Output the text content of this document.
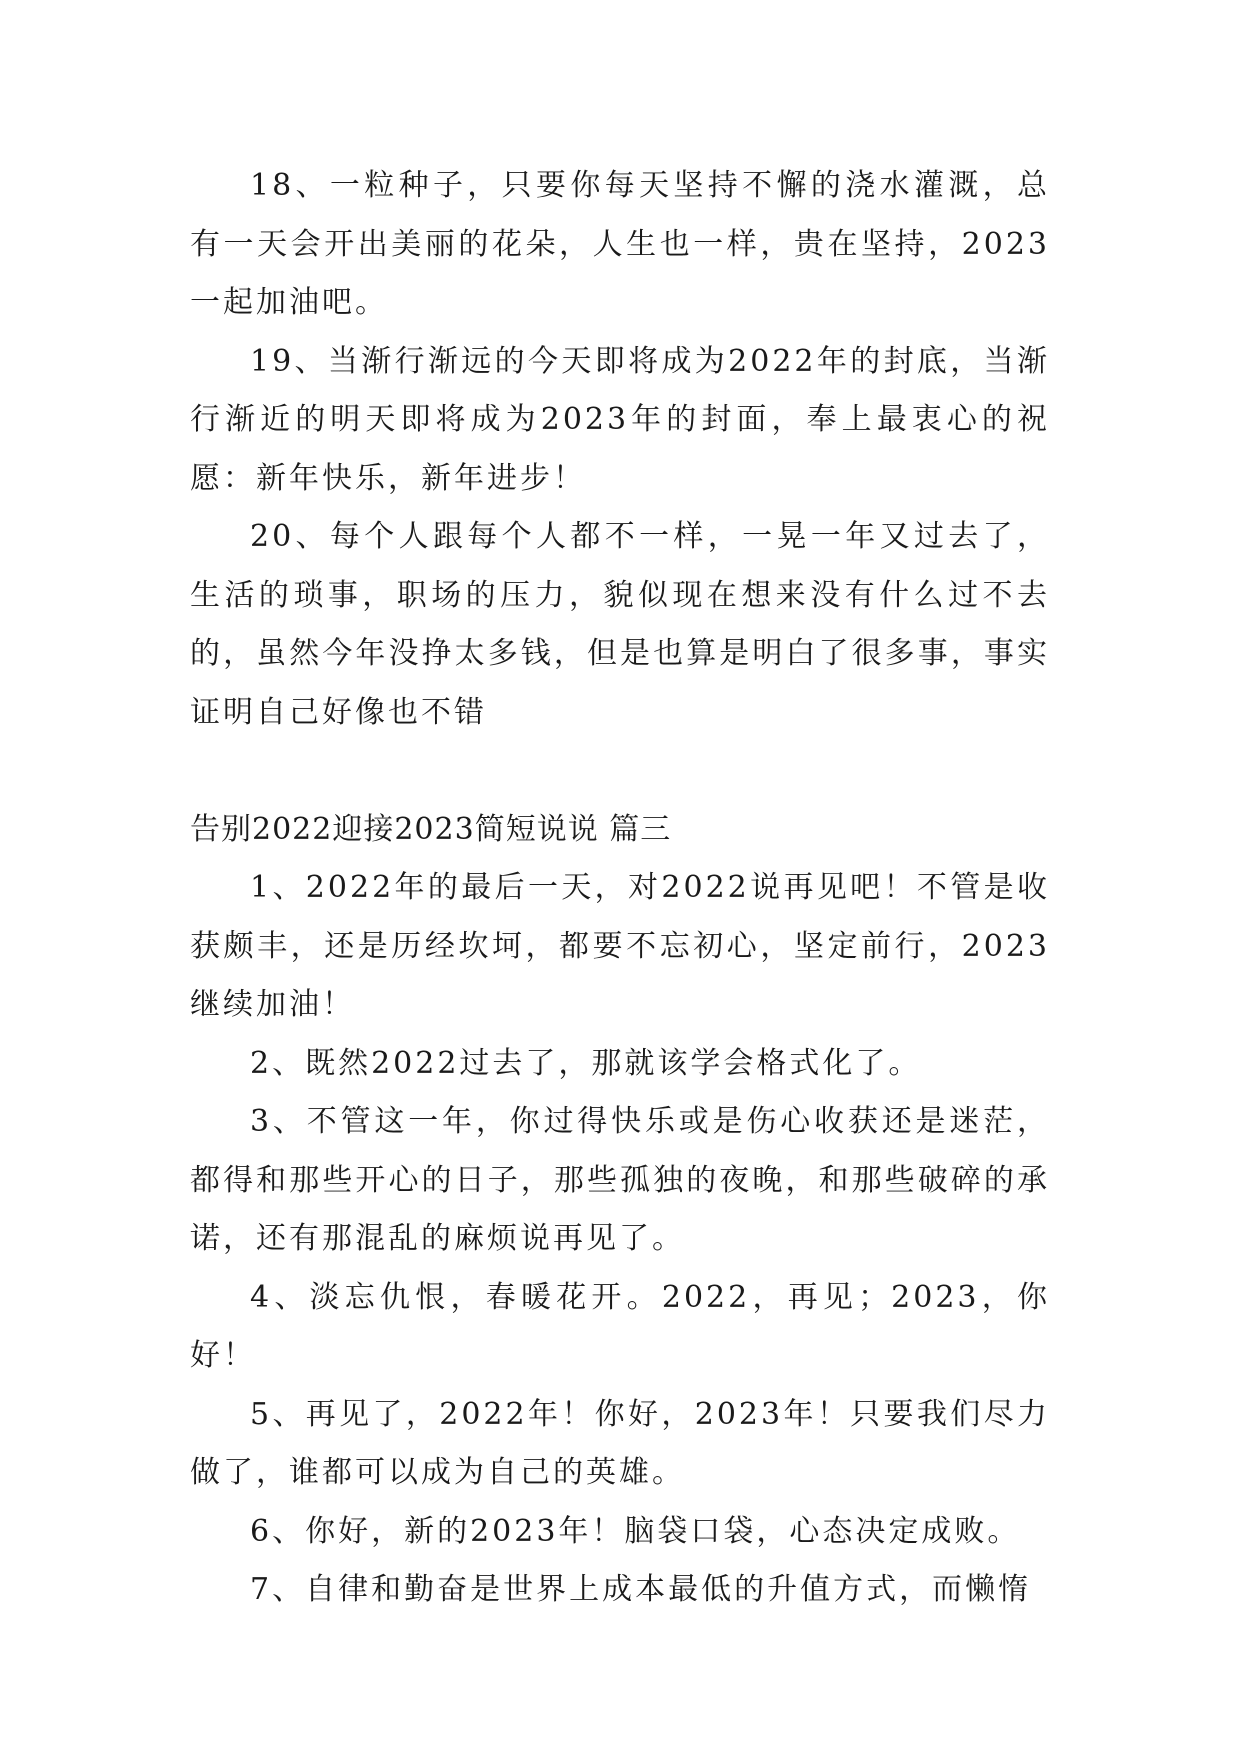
18、一粒种子，只要你每天坚持不懈的浇水灌溉，总有一天会开出美丽的花朵，人生也一样，贵在坚持，2023一起加油吧。

19、当渐行渐远的今天即将成为2022年的封底，当渐行渐近的明天即将成为2023年的封面，奉上最衷心的祝愿：新年快乐，新年进步！

20、每个人跟每个人都不一样，一晃一年又过去了，生活的琐事，职场的压力，貌似现在想来没有什么过不去的，虽然今年没挣太多钱，但是也算是明白了很多事，事实证明自己好像也不错

告别2022迎接2023简短说说 篇三

1、2022年的最后一天，对2022说再见吧！不管是收获颇丰，还是历经坎坷，都要不忘初心，坚定前行，2023继续加油！

2、既然2022过去了，那就该学会格式化了。

3、不管这一年，你过得快乐或是伤心收获还是迷茫，都得和那些开心的日子，那些孤独的夜晚，和那些破碎的承诺，还有那混乱的麻烦说再见了。

4、淡忘仇恨，春暖花开。2022，再见；2023，你好！

5、再见了，2022年！你好，2023年！只要我们尽力做了，谁都可以成为自己的英雄。

6、你好，新的2023年！脑袋口袋，心态决定成败。

7、自律和勤奋是世界上成本最低的升值方式，而懒惰
